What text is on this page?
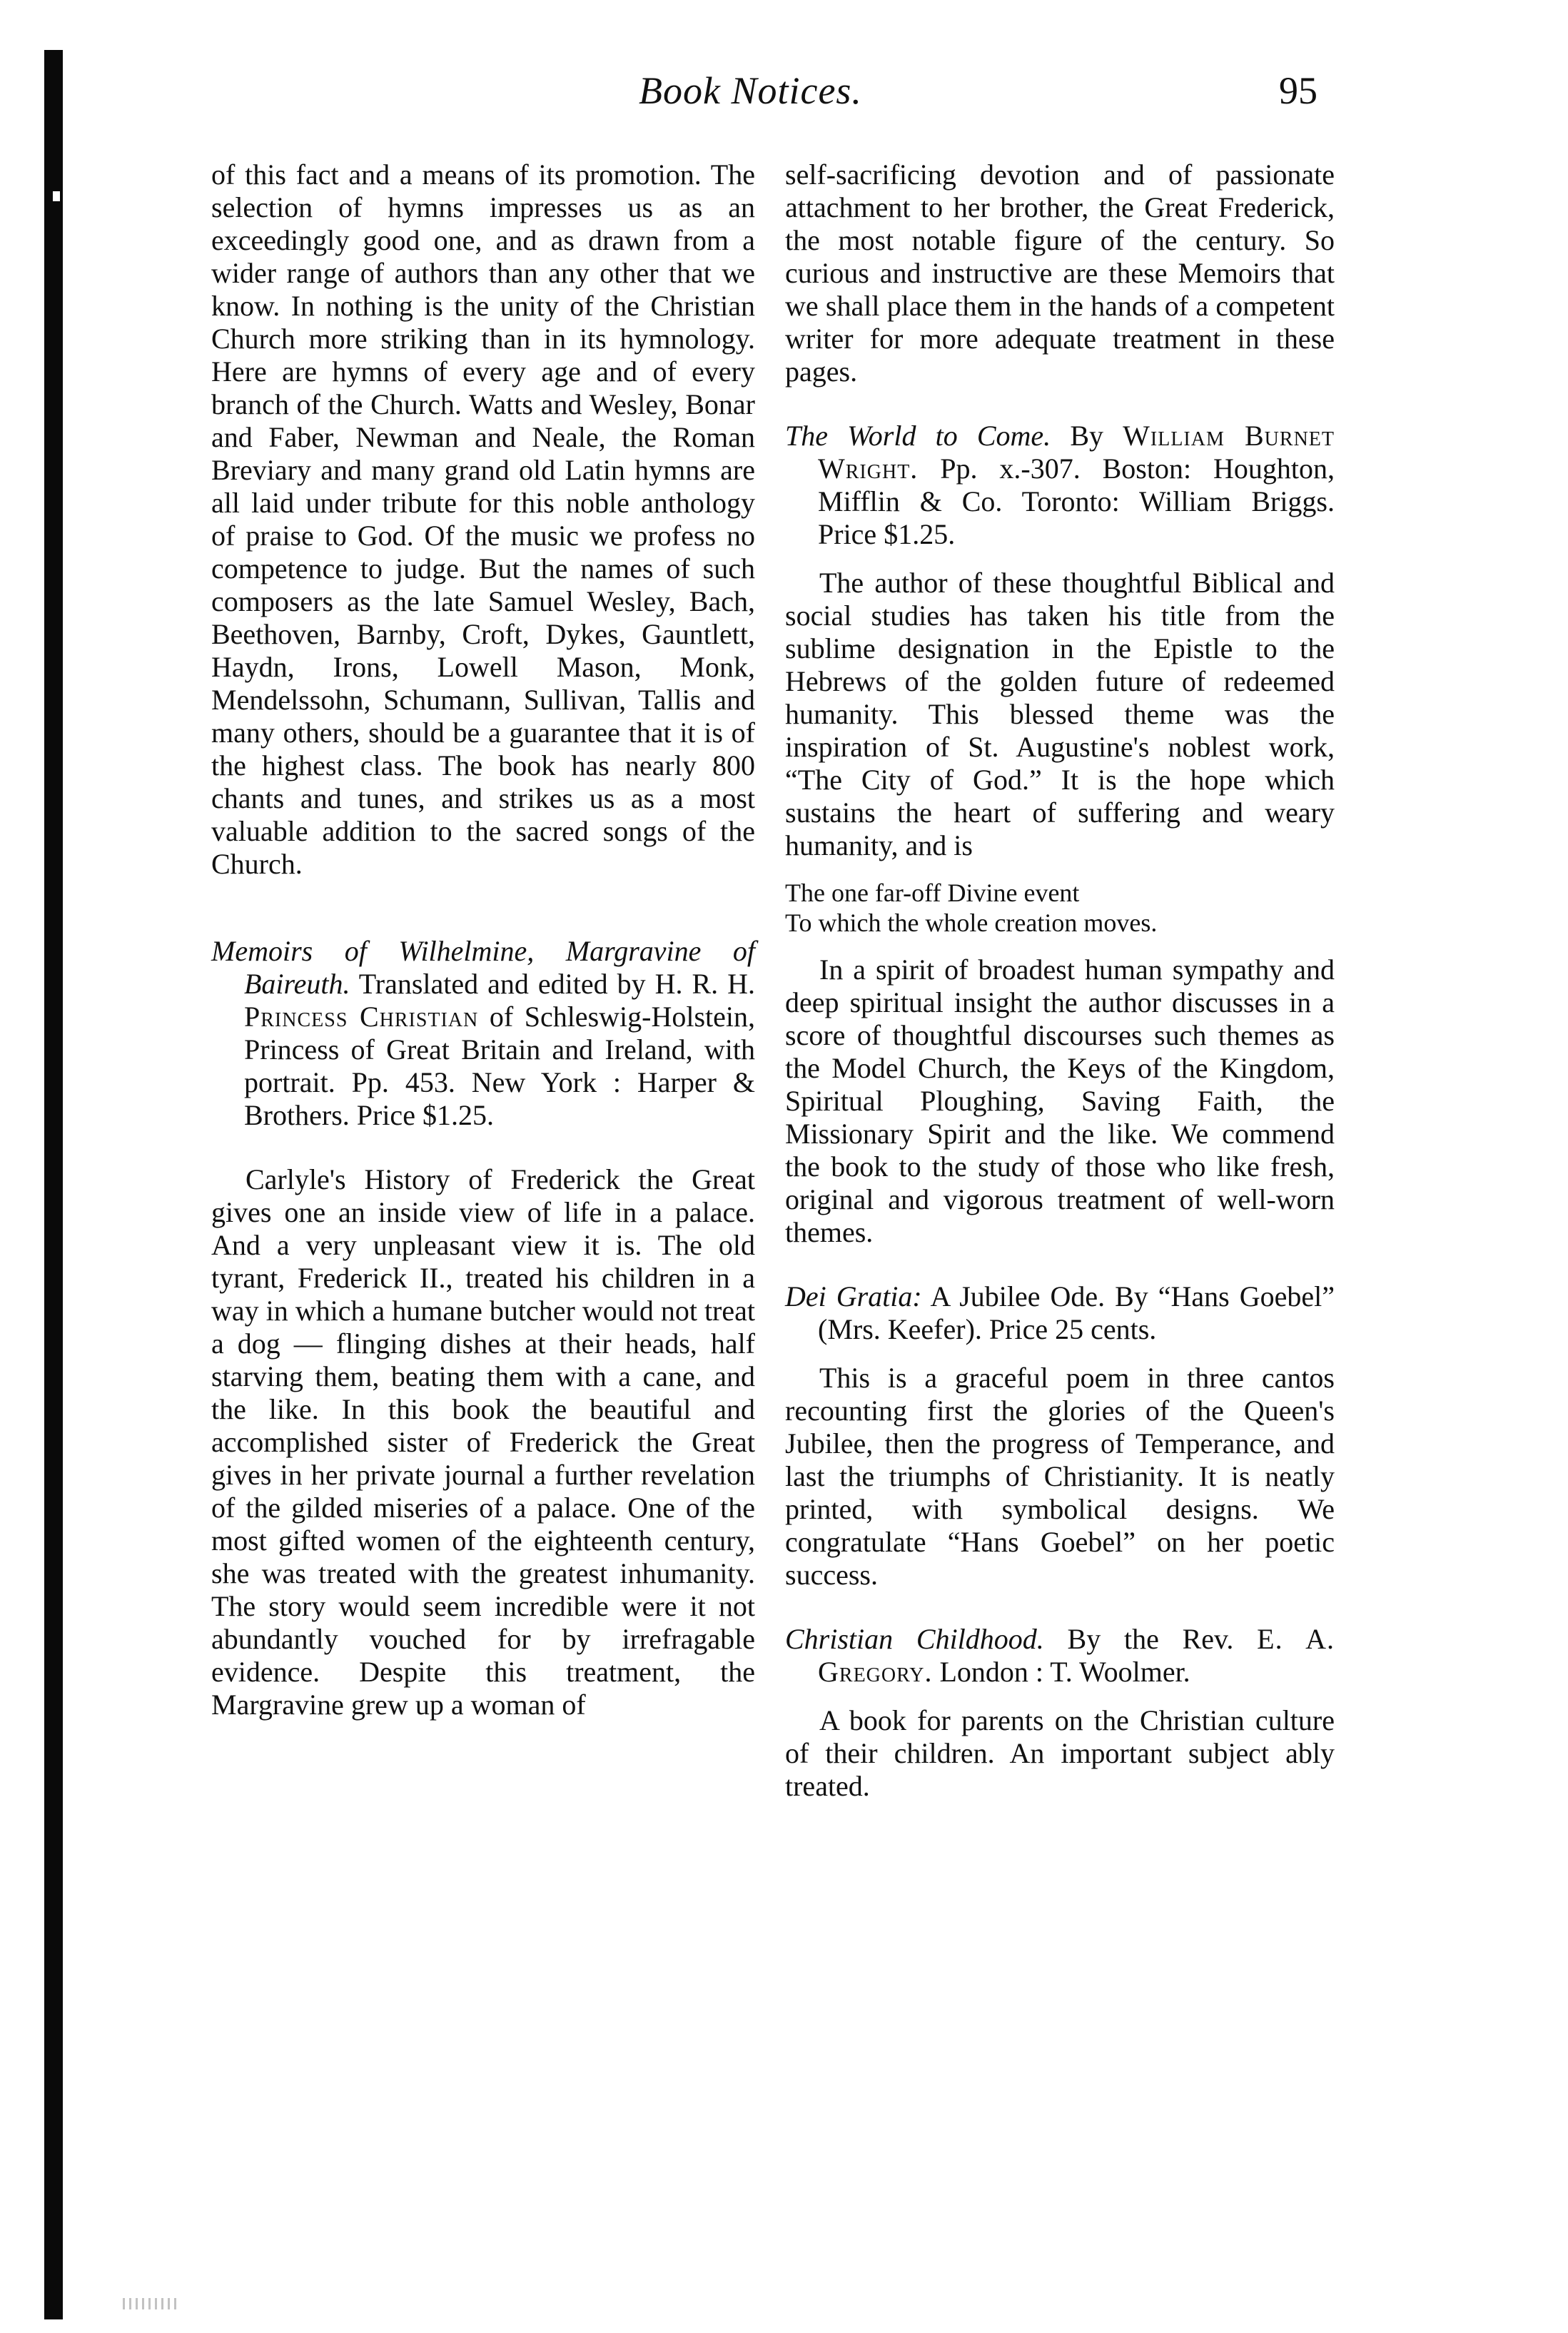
Book Notices.	95

of this fact and a means of its promotion. The selection of hymns impresses us as an exceedingly good one, and as drawn from a wider range of authors than any other that we know. In nothing is the unity of the Christian Church more striking than in its hymnology. Here are hymns of every age and of every branch of the Church. Watts and Wesley, Bonar and Faber, Newman and Neale, the Roman Breviary and many grand old Latin hymns are all laid under tribute for this noble anthology of praise to God. Of the music we profess no competence to judge. But the names of such composers as the late Samuel Wesley, Bach, Beethoven, Barnby, Croft, Dykes, Gauntlett, Haydn, Irons, Lowell Mason, Monk, Mendelssohn, Schumann, Sullivan, Tallis and many others, should be a guarantee that it is of the highest class. The book has nearly 800 chants and tunes, and strikes us as a most valuable addition to the sacred songs of the Church.

Memoirs of Wilhelmine, Margravine of Baireuth. Translated and edited by H. R. H. Princess Christian of Schleswig-Holstein, Princess of Great Britain and Ireland, with portrait. Pp. 453. New York : Harper & Brothers. Price $1.25.

Carlyle's History of Frederick the Great gives one an inside view of life in a palace. And a very unpleasant view it is. The old tyrant, Frederick II., treated his children in a way in which a humane butcher would not treat a dog — flinging dishes at their heads, half starving them, beating them with a cane, and the like. In this book the beautiful and accomplished sister of Frederick the Great gives in her private journal a further revelation of the gilded miseries of a palace. One of the most gifted women of the eighteenth century, she was treated with the greatest inhumanity. The story would seem incredible were it not abundantly vouched for by irrefragable evidence. Despite this treatment, the Margravine grew up a woman of

self-sacrificing devotion and of passionate attachment to her brother, the Great Frederick, the most notable figure of the century. So curious and instructive are these Memoirs that we shall place them in the hands of a competent writer for more adequate treatment in these pages.

The World to Come. By William Burnet Wright. Pp. x.-307. Boston: Houghton, Mifflin & Co. Toronto: William Briggs. Price $1.25.

The author of these thoughtful Biblical and social studies has taken his title from the sublime designation in the Epistle to the Hebrews of the golden future of redeemed humanity. This blessed theme was the inspiration of St. Augustine's noblest work, “The City of God.” It is the hope which sustains the heart of suffering and weary humanity, and is

The one far-off Divine event
To which the whole creation moves.

In a spirit of broadest human sympathy and deep spiritual insight the author discusses in a score of thoughtful discourses such themes as the Model Church, the Keys of the Kingdom, Spiritual Ploughing, Saving Faith, the Missionary Spirit and the like. We commend the book to the study of those who like fresh, original and vigorous treatment of well-worn themes.

Dei Gratia: A Jubilee Ode. By “Hans Goebel” (Mrs. Keefer). Price 25 cents.

This is a graceful poem in three cantos recounting first the glories of the Queen's Jubilee, then the progress of Temperance, and last the triumphs of Christianity. It is neatly printed, with symbolical designs. We congratulate “Hans Goebel” on her poetic success.

Christian Childhood. By the Rev. E. A. Gregory. London : T. Woolmer.

A book for parents on the Christian culture of their children. An important subject ably treated.
